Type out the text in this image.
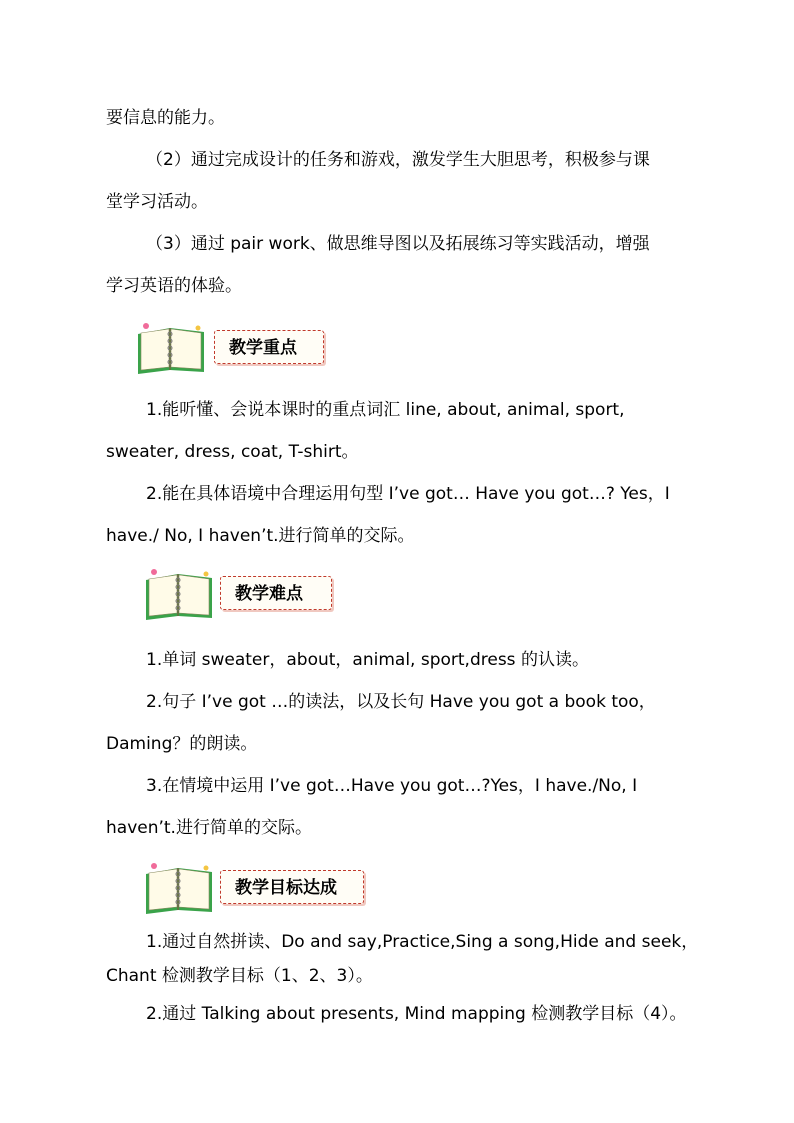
要信息的能力。
（2）通过完成设计的任务和游戏，激发学生大胆思考，积极参与课
堂学习活动。
（3）通过 pair work、做思维导图以及拓展练习等实践活动，增强
学习英语的体验。
教学重点
1.能听懂、会说本课时的重点词汇 line, about, animal, sport,
sweater, dress, coat, T-shirt。
2.能在具体语境中合理运用句型 I’ve got… Have you got…? Yes，I
have./ No, I haven’t.进行简单的交际。
教学难点
1.单词 sweater，about，animal, sport,dress 的认读。
2.句子 I’ve got …的读法，以及长句 Have you got a book too，
Daming？的朗读。
3.在情境中运用 I’ve got…Have you got…?Yes，I have./No, I
haven’t.进行简单的交际。
教学目标达成
1.通过自然拼读、Do and say,Practice,Sing a song,Hide and seek，
Chant 检测教学目标（1、2、3）。
2.通过 Talking about presents, Mind mapping 检测教学目标（4）。
